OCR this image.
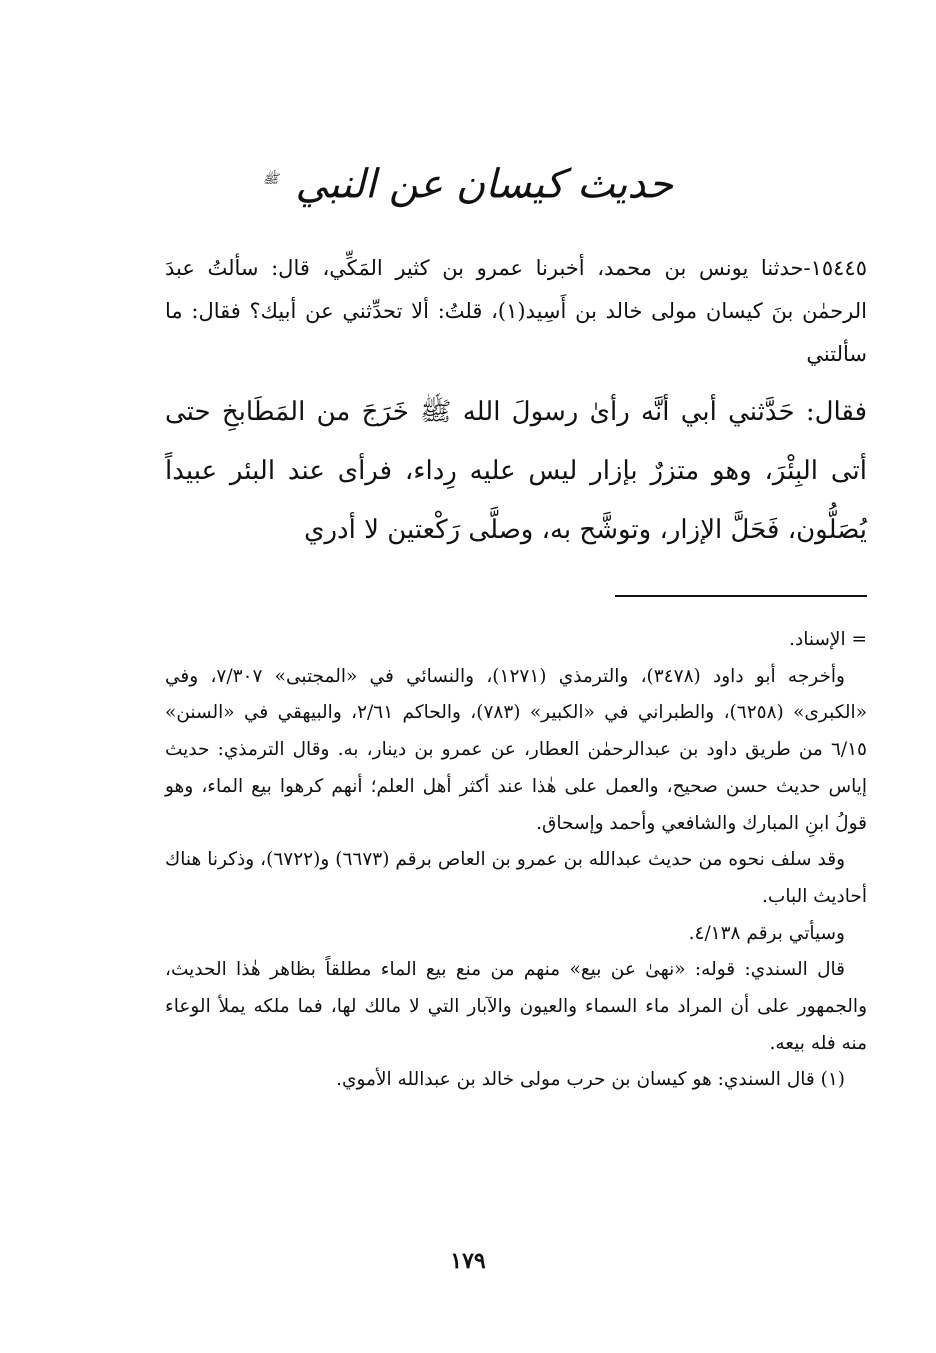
حديث كيسان عن النبي $^ﷺ$

١٥٤٤٥-حدثنا يونس بن محمد، أخبرنا عمرو بن كثير المَكِّي، قال: سألتُ عبدَ الرحمٰن بنَ كيسان مولى خالد بن أَسِيد(١)، قلتُ: ألا تحدِّثني عن أبيك؟ فقال: ما سألتني

فقال: حَدَّثني أبي أنَّه رأىٰ رسولَ الله ﷺ خَرَجَ من المَطَابخِ حتى أتى البِئْرَ، وهو متزرٌ بإزار ليس عليه رِداء، فرأى عند البئر عبيداً يُصَلُّون، فَحَلَّ الإزار، وتوشَّح به، وصلَّى رَكْعتين لا أدري

= الإسناد.

وأخرجه أبو داود (٣٤٧٨)، والترمذي (١٢٧١)، والنسائي في «المجتبى» ٧/٣٠٧، وفي «الكبرى» (٦٢٥٨)، والطبراني في «الكبير» (٧٨٣)، والحاكم ٢/٦١، والبيهقي في «السنن» ٦/١٥ من طريق داود بن عبدالرحمٰن العطار، عن عمرو بن دينار، به. وقال الترمذي: حديث إياس حديث حسن صحيح، والعمل على هٰذا عند أكثر أهل العلم؛ أنهم كرهوا بيع الماء، وهو قولُ ابنِ المبارك والشافعي وأحمد وإسحاق.

وقد سلف نحوه من حديث عبدالله بن عمرو بن العاص برقم (٦٦٧٣) و(٦٧٢٢)، وذكرنا هناك أحاديث الباب.

وسيأتي برقم ٤/١٣٨.

قال السندي: قوله: «نهىٰ عن بيع» منهم من منع بيع الماء مطلقاً بظاهر هٰذا الحديث، والجمهور على أن المراد ماء السماء والعيون والآبار التي لا مالك لها، فما ملكه يملأ الوعاء منه فله بيعه.

(١) قال السندي: هو كيسان بن حرب مولى خالد بن عبدالله الأموي.

١٧٩
